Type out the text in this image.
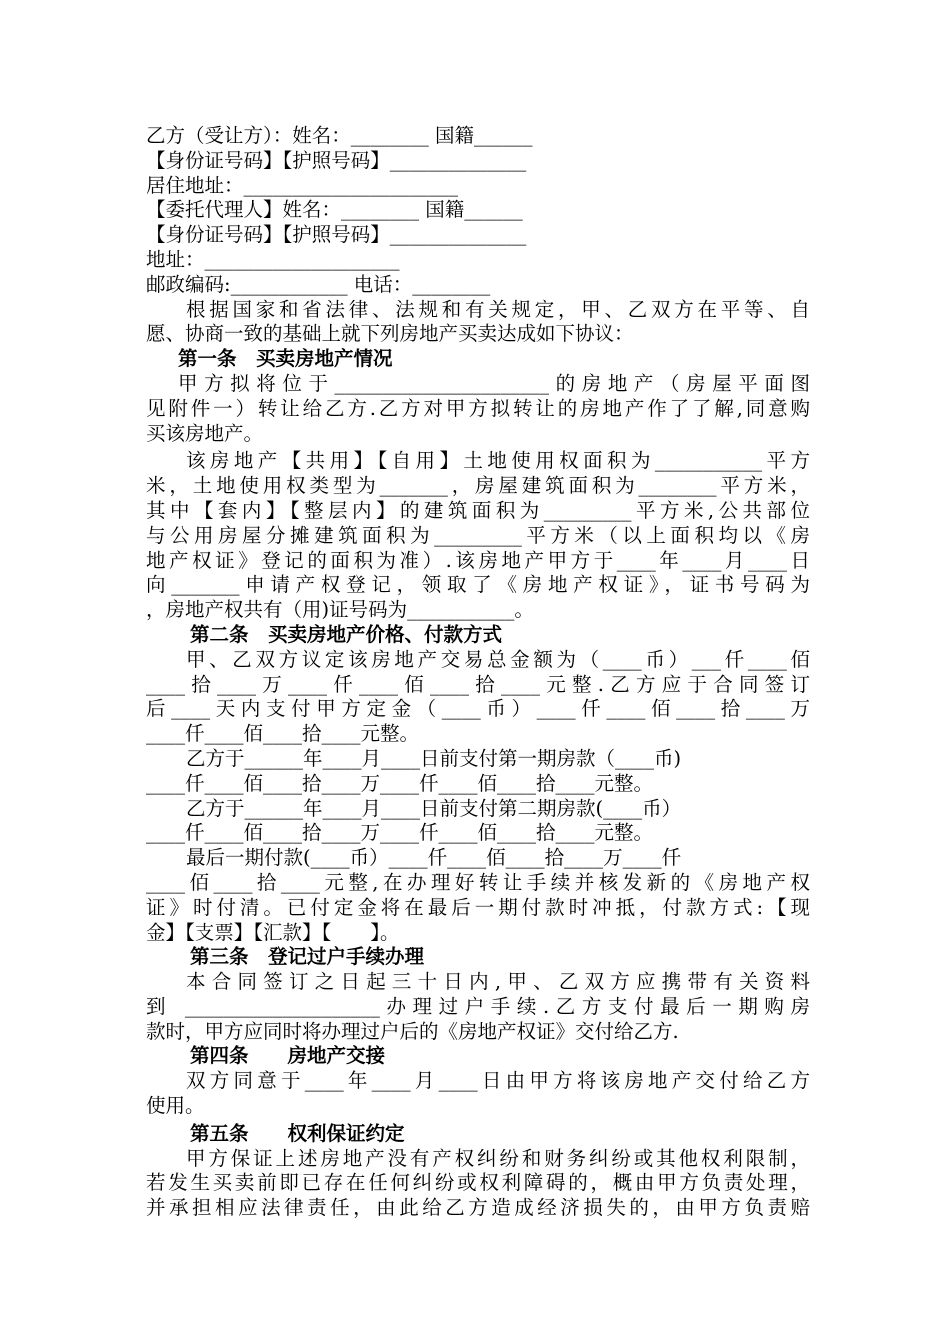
乙方（受让方）：姓名：________ 国籍______
【身份证号码】【护照号码】______________
居住地址：______________________
【委托代理人】姓名：________ 国籍______
【身份证号码】【护照号码】______________
地址：____________________
邮政编码:____________ 电话：________
根据国家和省法律、法规和有关规定，甲、乙双方在平等、自
愿、协商一致的基础上就下列房地产买卖达成如下协议：
第一条　买卖房地产情况
甲方拟将位于______________________的房地产（房屋平面图
见附件一）转让给乙方.乙方对甲方拟转让的房地产作了了解,同意购
买该房地产。
该房地产【共用】【自用】土地使用权面积为___________平方
米，土地使用权类型为_______，房屋建筑面积为________平方米，
其中【套内】【整层内】的建筑面积为_________平方米,公共部位
与公用房屋分摊建筑面积为_________平方米（以上面积均以《房
地产权证》登记的面积为准）.该房地产甲方于____年____月____日
向_______申请产权登记，领取了《房地产权证》，证书号码为
，房地产权共有（用)证号码为___________。
第二条　买卖房地产价格、付款方式
甲、乙双方议定该房地产交易总金额为（____币）___仟____佰
____拾____万____仟____佰____拾____元整.乙方应于合同签订
后____天内支付甲方定金（____币）____仟____佰____拾____万
____仟____佰____拾____元整。
乙方于______年____月____日前支付第一期房款（____币)
____仟____佰____拾____万____仟____佰____拾____元整。
乙方于______年____月____日前支付第二期房款(____币）
____仟____佰____拾____万____仟____佰____拾____元整。
最后一期付款(____币）____仟____佰____拾____万____仟
____佰____拾____元整,在办理好转让手续并核发新的《房地产权
证》时付清。已付定金将在最后一期付款时冲抵，付款方式:【现
金】【支票】【汇款】【　　】。
第三条　登记过户手续办理
本合同签订之日起三十日内,甲、乙双方应携带有关资料
到 ____________________办理过户手续.乙方支付最后一期购房
款时，甲方应同时将办理过户后的《房地产权证》交付给乙方.
第四条　　房地产交接
双方同意于____年____月____日由甲方将该房地产交付给乙方
使用。
第五条　　权利保证约定
甲方保证上述房地产没有产权纠纷和财务纠纷或其他权利限制，
若发生买卖前即已存在任何纠纷或权利障碍的，概由甲方负责处理，
并承担相应法律责任，由此给乙方造成经济损失的，由甲方负责赔
